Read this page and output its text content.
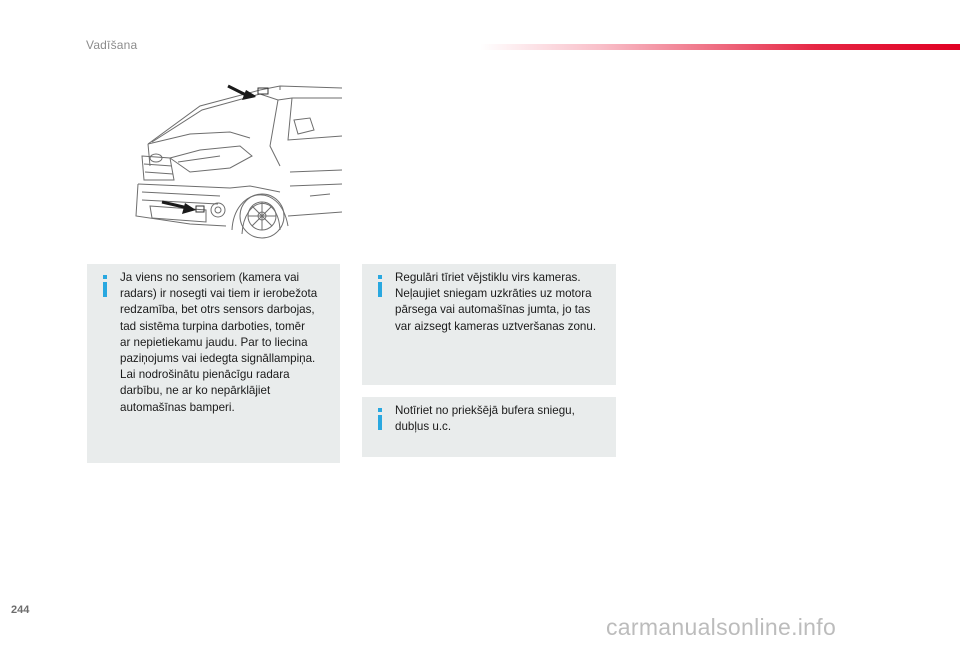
Vadīšana
Ja viens no sensoriem (kamera vai
radars) ir nosegti vai tiem ir ierobežota
redzamība, bet otrs sensors darbojas,
tad sistēma turpina darboties, tomēr
ar nepietiekamu jaudu. Par to liecina
paziņojums vai iedegta signāllampiņa.
Lai nodrošinātu pienācīgu radara
darbību, ne ar ko nepārklājiet
automašīnas bamperi.
Regulāri tīriet vējstiklu virs kameras.
Neļaujiet sniegam uzkrāties uz motora
pārsega vai automašīnas jumta, jo tas
var aizsegt kameras uztveršanas zonu.
Notīriet no priekšējā bufera sniegu,
dubļus u.c.
244
carmanualsonline.info
